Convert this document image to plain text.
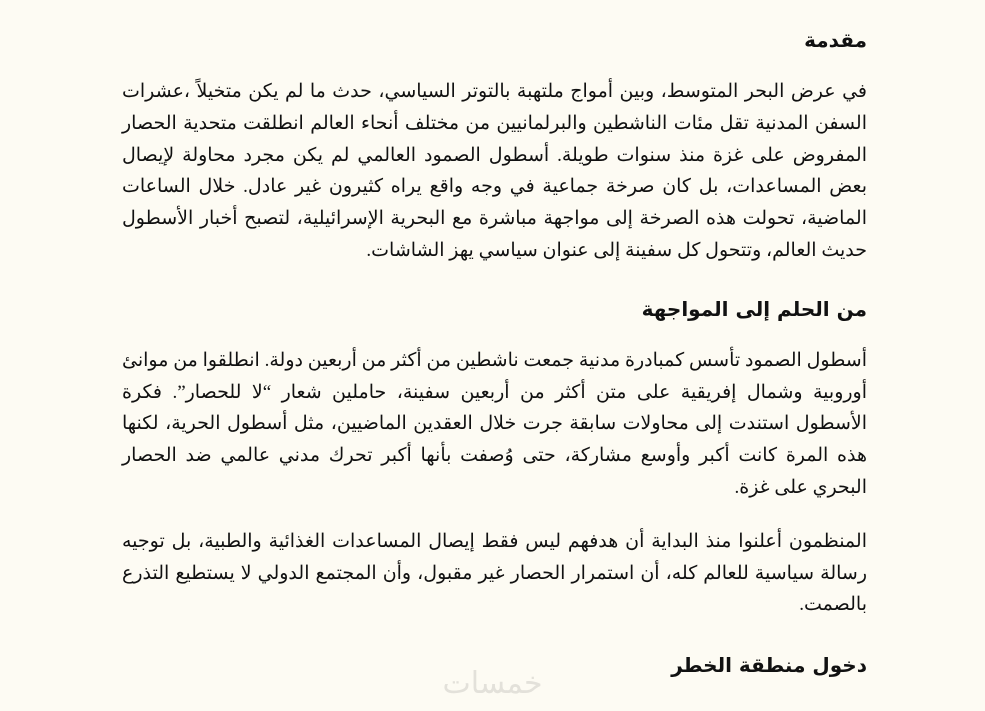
مقدمة

في عرض البحر المتوسط، وبين أمواج ملتهبة بالتوتر السياسي، حدث ما لم يكن متخيلاً ،عشرات السفن المدنية تقل مئات الناشطين والبرلمانيين من مختلف أنحاء العالم انطلقت متحدية الحصار المفروض على غزة منذ سنوات طويلة. أسطول الصمود العالمي لم يكن مجرد محاولة لإيصال بعض المساعدات، بل كان صرخة جماعية في وجه واقع يراه كثيرون غير عادل. خلال الساعات الماضية، تحولت هذه الصرخة إلى مواجهة مباشرة مع البحرية الإسرائيلية، لتصبح أخبار الأسطول حديث العالم، وتتحول كل سفينة إلى عنوان سياسي يهز الشاشات.

من الحلم إلى المواجهة

أسطول الصمود تأسس كمبادرة مدنية جمعت ناشطين من أكثر من أربعين دولة. انطلقوا من موانئ أوروبية وشمال إفريقية على متن أكثر من أربعين سفينة، حاملين شعار “لا للحصار”. فكرة الأسطول استندت إلى محاولات سابقة جرت خلال العقدين الماضيين، مثل أسطول الحرية، لكنها هذه المرة كانت أكبر وأوسع مشاركة، حتى وُصفت بأنها أكبر تحرك مدني عالمي ضد الحصار البحري على غزة.

المنظمون أعلنوا منذ البداية أن هدفهم ليس فقط إيصال المساعدات الغذائية والطبية، بل توجيه رسالة سياسية للعالم كله، أن استمرار الحصار غير مقبول، وأن المجتمع الدولي لا يستطيع التذرع بالصمت.

دخول منطقة الخطر
خمسات
